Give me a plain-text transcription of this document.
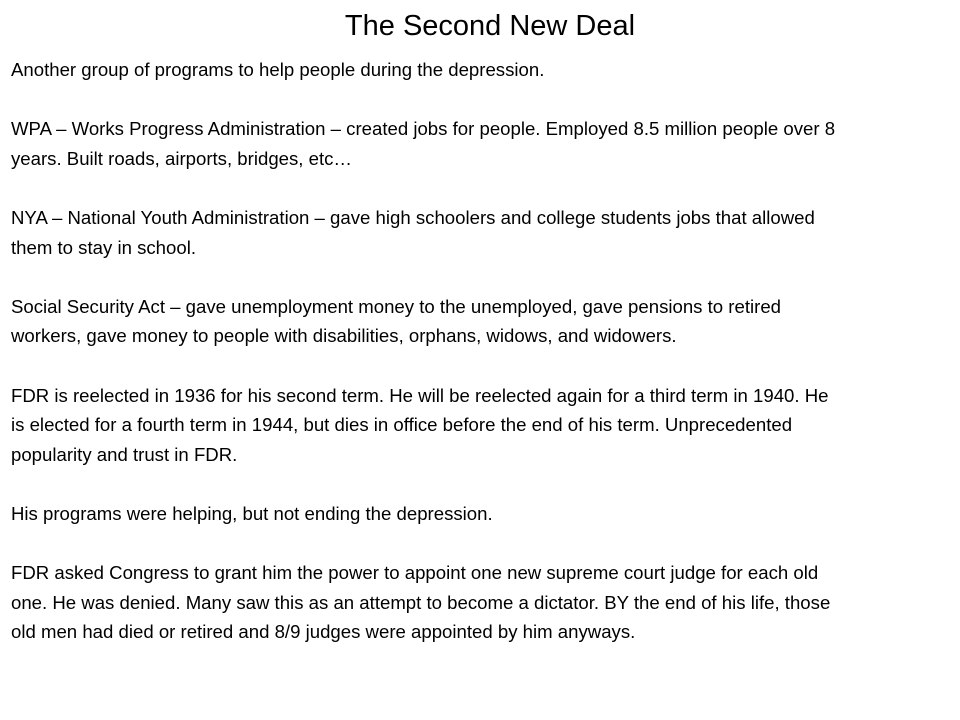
The Second New Deal

Another group of programs to help people during the depression.

WPA – Works Progress Administration – created jobs for people. Employed 8.5 million people over 8 years. Built roads, airports, bridges, etc…

NYA – National Youth Administration – gave high schoolers and college students jobs that allowed them to stay in school.

Social Security Act – gave unemployment money to the unemployed, gave pensions to retired workers, gave money to people with disabilities, orphans, widows, and widowers.

FDR is reelected in 1936 for his second term. He will be reelected again for a third term in 1940. He is elected for a fourth term in 1944, but dies in office before the end of his term. Unprecedented popularity and trust in FDR.

His programs were helping, but not ending the depression.

FDR asked Congress to grant him the power to appoint one new supreme court judge for each old one. He was denied. Many saw this as an attempt to become a dictator. BY the end of his life, those old men had died or retired and 8/9 judges were appointed by him anyways.
